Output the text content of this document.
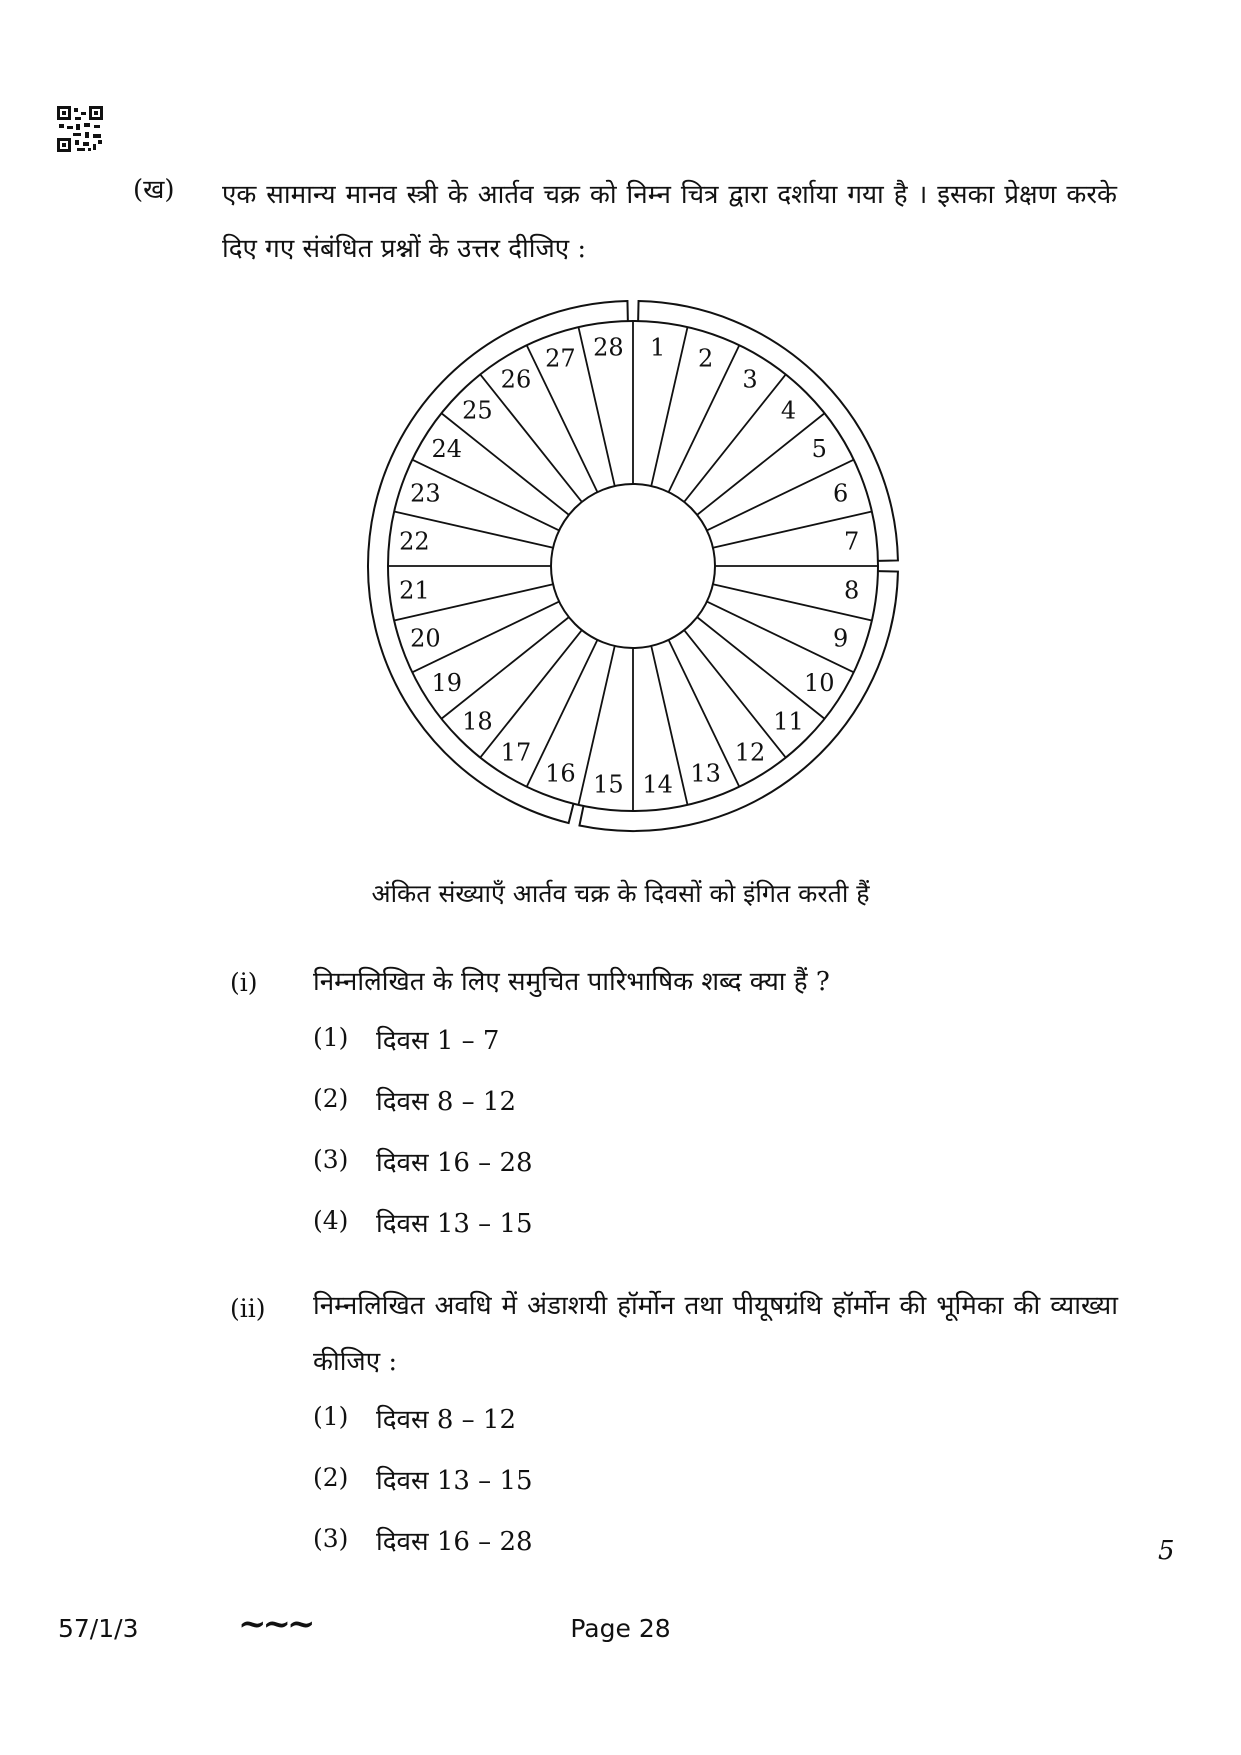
(ख) एक सामान्य मानव स्त्री के आर्तव चक्र को निम्न चित्र द्वारा दर्शाया गया है । इसका प्रेक्षण करके दिए गए संबंधित प्रश्नों के उत्तर दीजिए :
1 2
3
4
5
6
7
8
9
10
11
12
13
14
15
16
17
18
19
20
21
22
23
24
25
26
27 28
अंकित संख्याएँ आर्तव चक्र के दिवसों को इंगित करती हैं
(i) निम्नलिखित के लिए समुचित पारिभाषिक शब्द क्या हैं ?
(1) दिवस 1 – 7
(2) दिवस 8 – 12
(3) दिवस 16 – 28
(4) दिवस 13 – 15
(ii) निम्नलिखित अवधि में अंडाशयी हॉर्मोन तथा पीयूषग्रंथि हॉर्मोन की भूमिका की व्याख्या कीजिए :
(1) दिवस 8 – 12
(2) दिवस 13 – 15
(3) दिवस 16 – 28	5
57/1/3	~~~	Page 28
